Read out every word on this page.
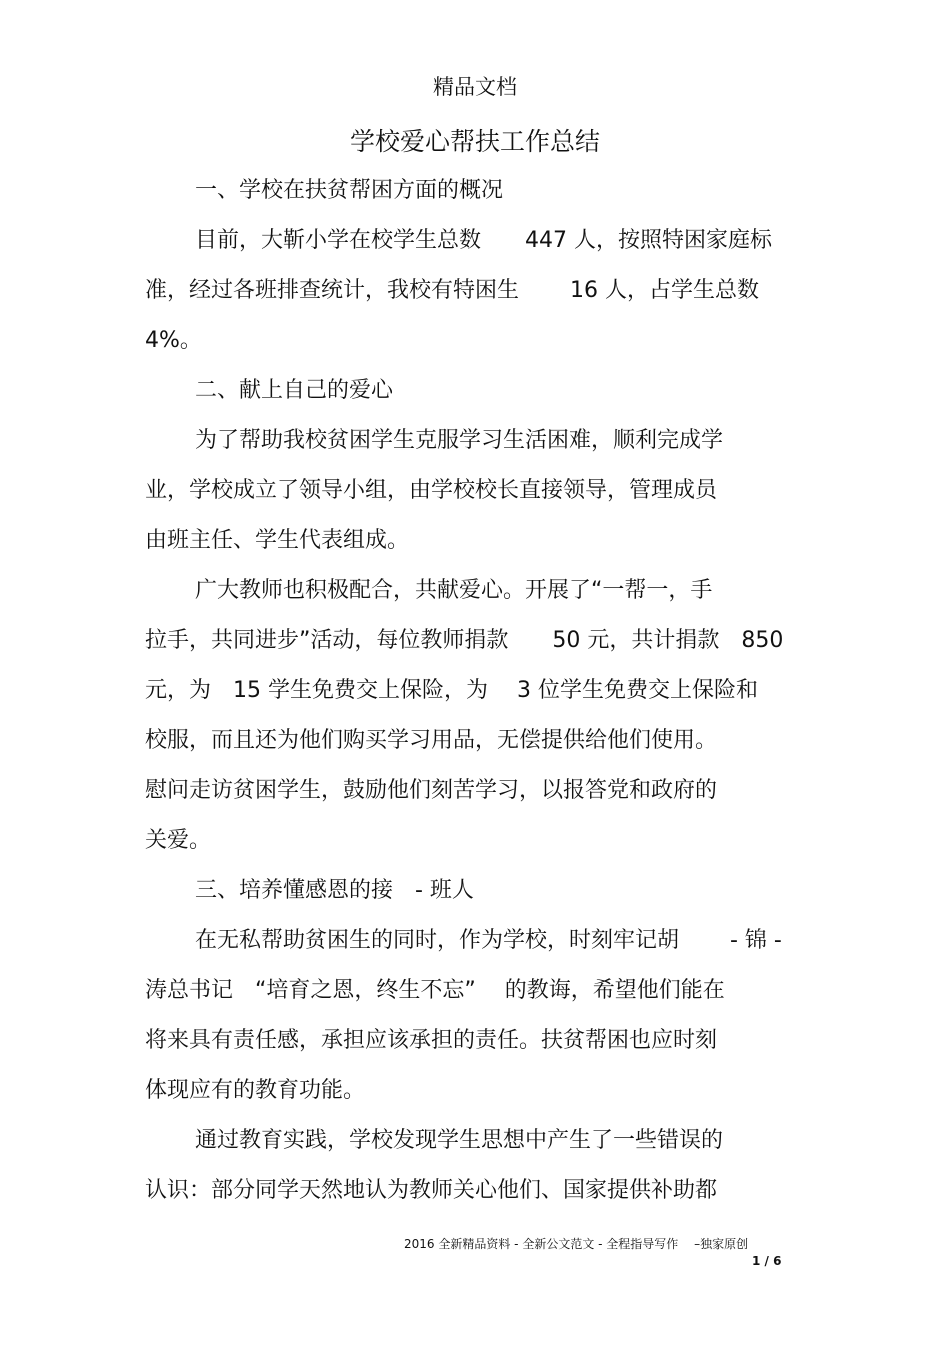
精品文档
学校爱心帮扶工作总结
一、学校在扶贫帮困方面的概况
目前，大靳小学在校学生总数　　447 人，按照特困家庭标
准，经过各班排查统计，我校有特困生　　 16 人，占学生总数
4%。
二、献上自己的爱心
为了帮助我校贫困学生克服学习生活困难，顺利完成学
业，学校成立了领导小组，由学校校长直接领导，管理成员
由班主任、学生代表组成。
广大教师也积极配合，共献爱心。开展了“一帮一，手
拉手，共同进步”活动，每位教师捐款　　50 元，共计捐款　850
元，为　15 学生免费交上保险，为　 3 位学生免费交上保险和
校服，而且还为他们购买学习用品，无偿提供给他们使用。
慰问走访贫困学生，鼓励他们刻苦学习，以报答党和政府的
关爱。
三、培养懂感恩的接　- 班人
在无私帮助贫困生的同时，作为学校，时刻牢记胡　　 - 锦 -
涛总书记　“培育之恩，终生不忘”　 的教诲，希望他们能在
将来具有责任感，承担应该承担的责任。扶贫帮困也应时刻
体现应有的教育功能。
通过教育实践，学校发现学生思想中产生了一些错误的
认识：部分同学天然地认为教师关心他们、国家提供补助都
2016 全新精品资料 - 全新公文范文 - 全程指导写作　 –独家原创
1 / 6
